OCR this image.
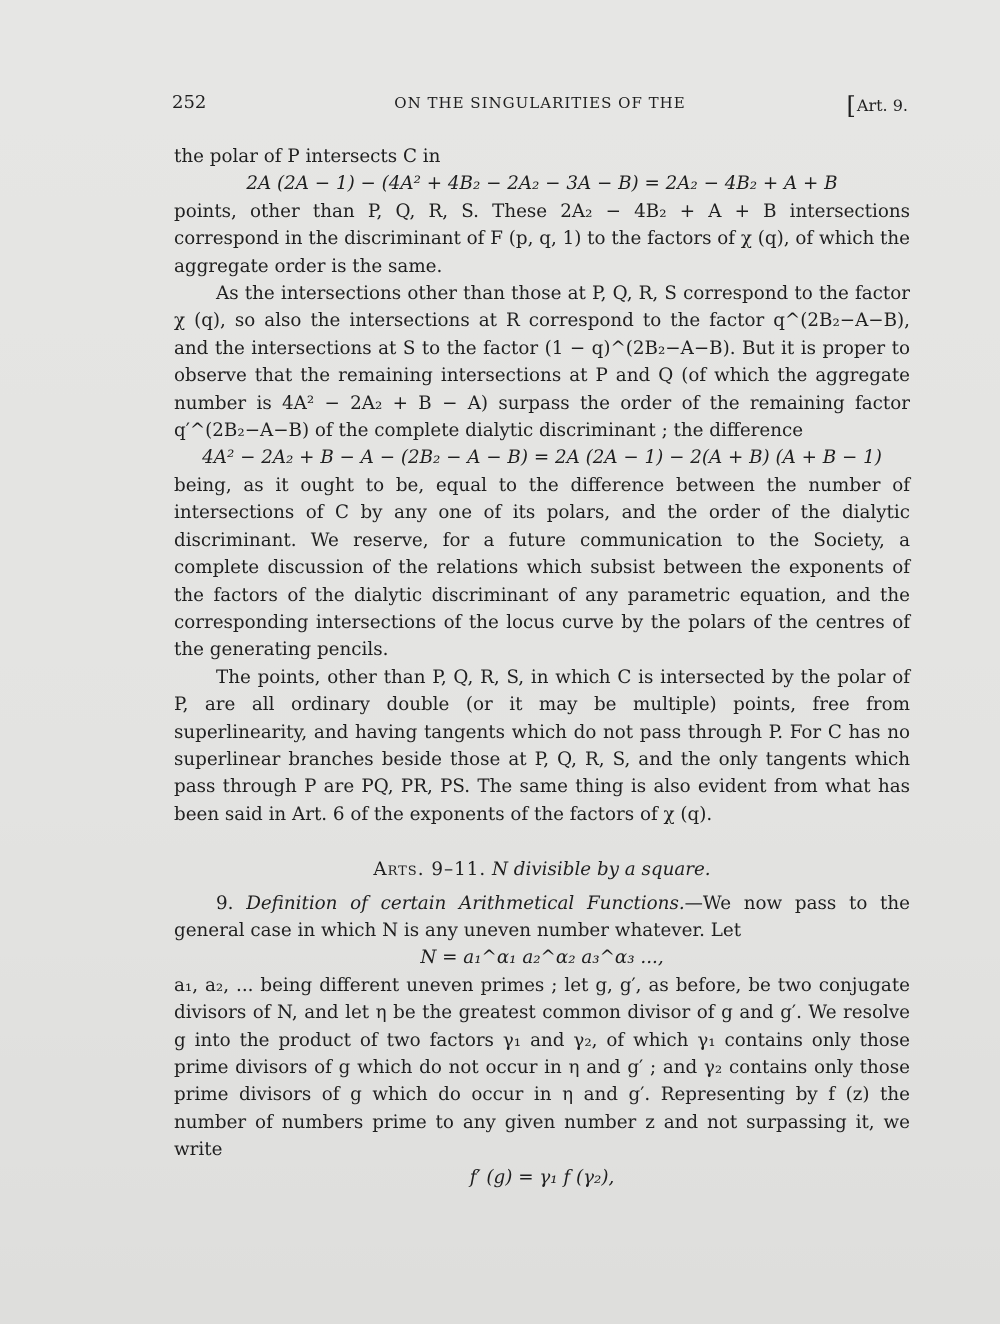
252	ON THE SINGULARITIES OF THE	[Art. 9.

the polar of P intersects C in

2A (2A − 1) − (4A² + 4B₂ − 2A₂ − 3A − B) = 2A₂ − 4B₂ + A + B

points, other than P, Q, R, S. These 2A₂ − 4B₂ + A + B intersections correspond in the discriminant of F (p, q, 1) to the factors of χ (q), of which the aggregate order is the same.

As the intersections other than those at P, Q, R, S correspond to the factor χ (q), so also the intersections at R correspond to the factor q^(2B₂−A−B), and the intersections at S to the factor (1 − q)^(2B₂−A−B). But it is proper to observe that the remaining intersections at P and Q (of which the aggregate number is 4A² − 2A₂ + B − A) surpass the order of the remaining factor q′^(2B₂−A−B) of the complete dialytic discriminant ; the difference

4A² − 2A₂ + B − A − (2B₂ − A − B) = 2A (2A − 1) − 2(A + B) (A + B − 1)

being, as it ought to be, equal to the difference between the number of intersections of C by any one of its polars, and the order of the dialytic discriminant. We reserve, for a future communication to the Society, a complete discussion of the relations which subsist between the exponents of the factors of the dialytic discriminant of any parametric equation, and the corresponding intersections of the locus curve by the polars of the centres of the generating pencils.

The points, other than P, Q, R, S, in which C is intersected by the polar of P, are all ordinary double (or it may be multiple) points, free from superlinearity, and having tangents which do not pass through P. For C has no superlinear branches beside those at P, Q, R, S, and the only tangents which pass through P are PQ, PR, PS. The same thing is also evident from what has been said in Art. 6 of the exponents of the factors of χ (q).

Arts. 9–11. N divisible by a square.

9. Definition of certain Arithmetical Functions.—We now pass to the general case in which N is any uneven number whatever. Let

N = a₁^α₁ a₂^α₂ a₃^α₃ ...,

a₁, a₂, ... being different uneven primes ; let g, g′, as before, be two conjugate divisors of N, and let η be the greatest common divisor of g and g′. We resolve g into the product of two factors γ₁ and γ₂, of which γ₁ contains only those prime divisors of g which do not occur in η and g′ ; and γ₂ contains only those prime divisors of g which do occur in η and g′. Representing by f (z) the number of numbers prime to any given number z and not surpassing it, we write

f′ (g) = γ₁ f (γ₂),
